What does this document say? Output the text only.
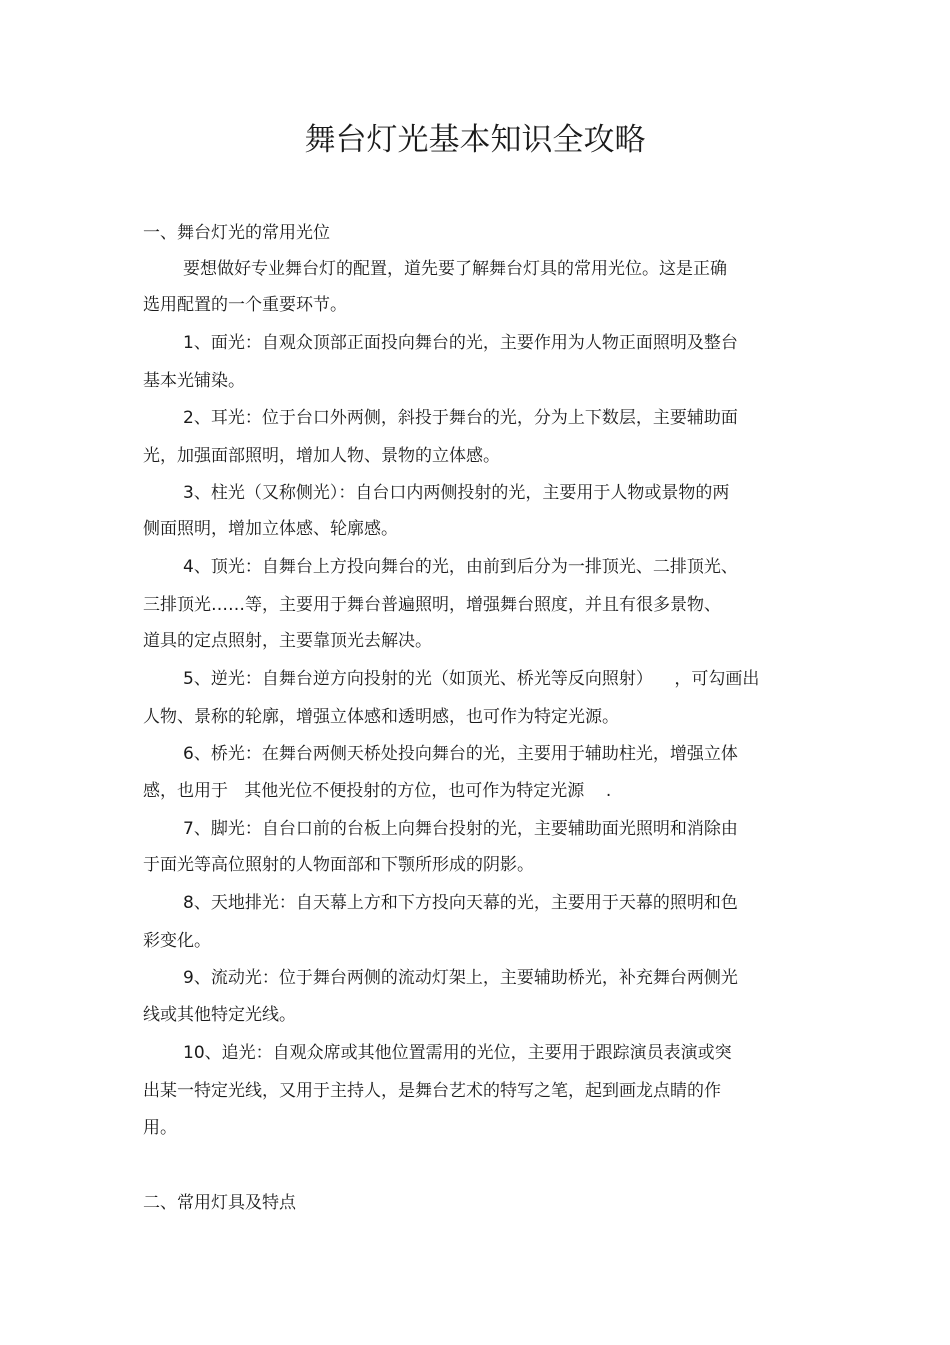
舞台灯光基本知识全攻略
一、舞台灯光的常用光位

要想做好专业舞台灯的配置，道先要了解舞台灯具的常用光位。这是正确

选用配置的一个重要环节。

1、面光：自观众顶部正面投向舞台的光，主要作用为人物正面照明及整台

基本光铺染。

2、耳光：位于台口外两侧，斜投于舞台的光，分为上下数层，主要辅助面

光，加强面部照明，增加人物、景物的立体感。

3、柱光（又称侧光）：自台口内两侧投射的光，主要用于人物或景物的两

侧面照明，增加立体感、轮廓感。

4、顶光：自舞台上方投向舞台的光，由前到后分为一排顶光、二排顶光、

三排顶光……等，主要用于舞台普遍照明，增强舞台照度，并且有很多景物、

道具的定点照射，主要靠顶光去解决。

5、逆光：自舞台逆方向投射的光（如顶光、桥光等反向照射）    ，可勾画出

人物、景称的轮廓，增强立体感和透明感，也可作为特定光源。

6、桥光：在舞台两侧天桥处投向舞台的光，主要用于辅助柱光，增强立体

感，也用于   其他光位不便投射的方位，也可作为特定光源    .

7、脚光：自台口前的台板上向舞台投射的光，主要辅助面光照明和消除由

于面光等高位照射的人物面部和下颚所形成的阴影。

8、天地排光：自天幕上方和下方投向天幕的光，主要用于天幕的照明和色

彩变化。

9、流动光：位于舞台两侧的流动灯架上，主要辅助桥光，补充舞台两侧光

线或其他特定光线。

10、追光：自观众席或其他位置需用的光位，主要用于跟踪演员表演或突

出某一特定光线，又用于主持人，是舞台艺术的特写之笔，起到画龙点睛的作

用。

二、常用灯具及特点
